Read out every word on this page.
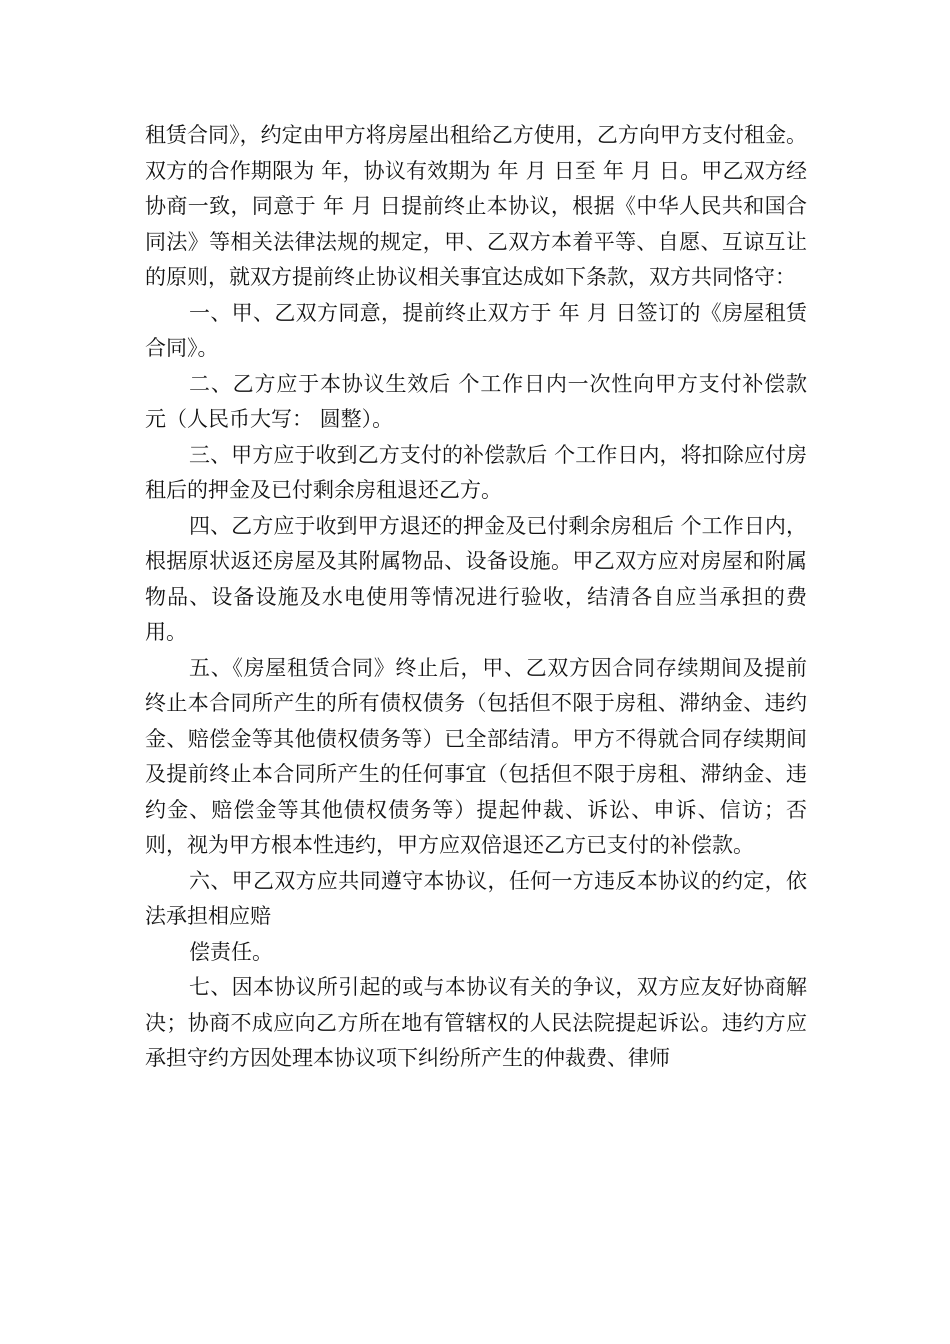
租赁合同》，约定由甲方将房屋出租给乙方使用，乙方向甲方支付租金。双方的合作期限为 年，协议有效期为 年 月 日至 年 月 日。甲乙双方经协商一致，同意于 年 月 日提前终止本协议，根据《中华人民共和国合同法》等相关法律法规的规定，甲、乙双方本着平等、自愿、互谅互让的原则，就双方提前终止协议相关事宜达成如下条款，双方共同恪守：

一、甲、乙双方同意，提前终止双方于 年 月 日签订的《房屋租赁合同》。

二、乙方应于本协议生效后 个工作日内一次性向甲方支付补偿款 元（人民币大写： 圆整）。

三、甲方应于收到乙方支付的补偿款后 个工作日内，将扣除应付房租后的押金及已付剩余房租退还乙方。

四、乙方应于收到甲方退还的押金及已付剩余房租后 个工作日内，根据原状返还房屋及其附属物品、设备设施。甲乙双方应对房屋和附属物品、设备设施及水电使用等情况进行验收，结清各自应当承担的费用。

五、《房屋租赁合同》终止后，甲、乙双方因合同存续期间及提前终止本合同所产生的所有债权债务（包括但不限于房租、滞纳金、违约金、赔偿金等其他债权债务等）已全部结清。甲方不得就合同存续期间及提前终止本合同所产生的任何事宜（包括但不限于房租、滞纳金、违约金、赔偿金等其他债权债务等）提起仲裁、诉讼、申诉、信访；否则，视为甲方根本性违约，甲方应双倍退还乙方已支付的补偿款。

六、甲乙双方应共同遵守本协议，任何一方违反本协议的约定，依法承担相应赔

偿责任。

七、因本协议所引起的或与本协议有关的争议，双方应友好协商解决；协商不成应向乙方所在地有管辖权的人民法院提起诉讼。违约方应承担守约方因处理本协议项下纠纷所产生的仲裁费、律师
